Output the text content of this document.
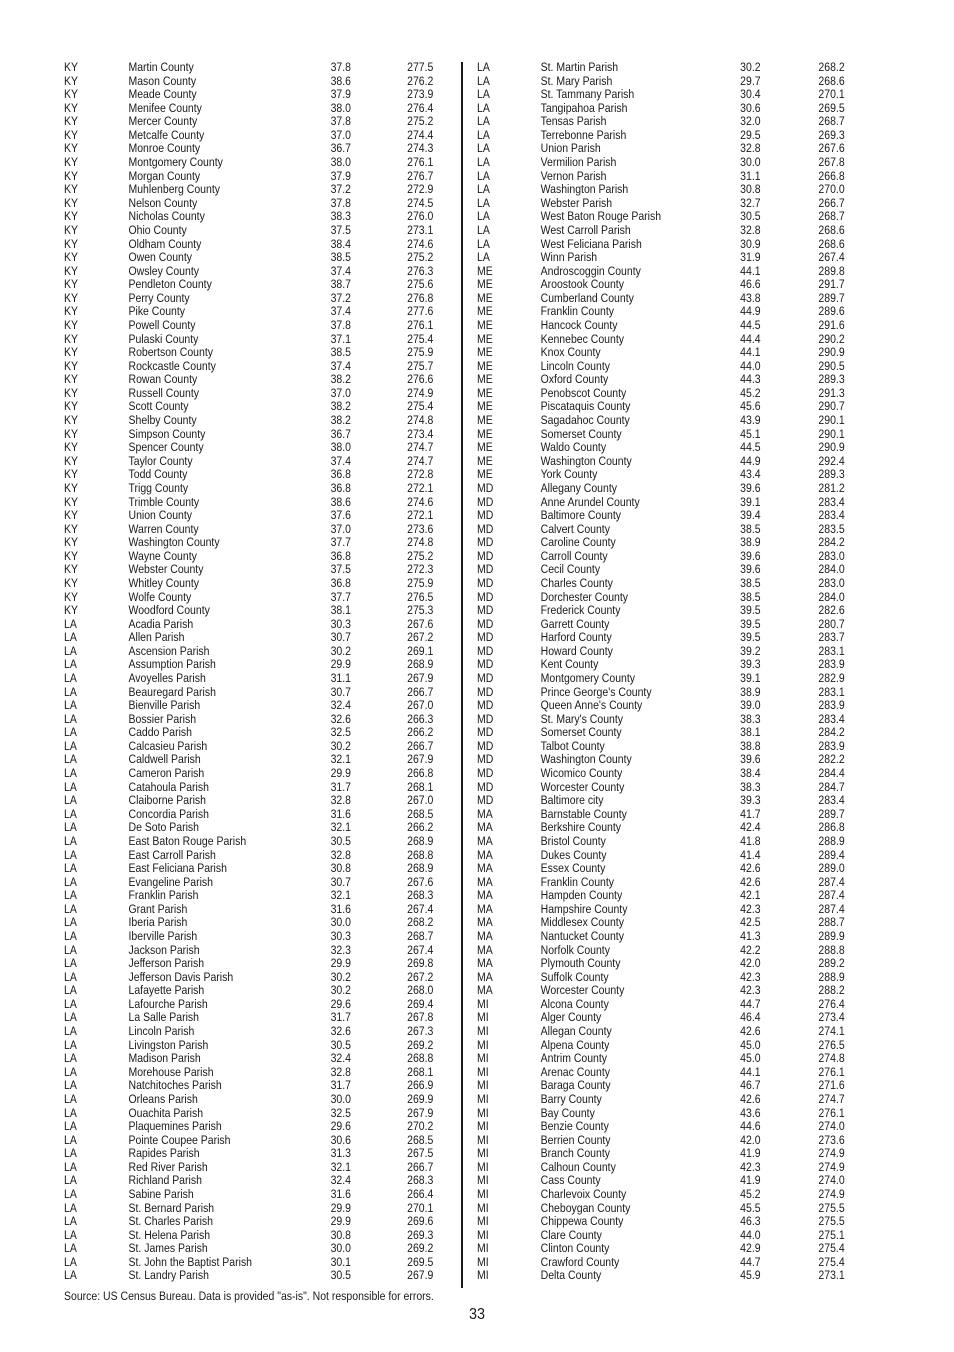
KY	Martin County	37.8	277.5
KY	Mason County	38.6	276.2
KY	Meade County	37.9	273.9
KY	Menifee County	38.0	276.4
KY	Mercer County	37.8	275.2
KY	Metcalfe County	37.0	274.4
KY	Monroe County	36.7	274.3
KY	Montgomery County	38.0	276.1
KY	Morgan County	37.9	276.7
KY	Muhlenberg County	37.2	272.9
KY	Nelson County	37.8	274.5
KY	Nicholas County	38.3	276.0
KY	Ohio County	37.5	273.1
KY	Oldham County	38.4	274.6
KY	Owen County	38.5	275.2
KY	Owsley County	37.4	276.3
KY	Pendleton County	38.7	275.6
KY	Perry County	37.2	276.8
KY	Pike County	37.4	277.6
KY	Powell County	37.8	276.1
KY	Pulaski County	37.1	275.4
KY	Robertson County	38.5	275.9
KY	Rockcastle County	37.4	275.7
KY	Rowan County	38.2	276.6
KY	Russell County	37.0	274.9
KY	Scott County	38.2	275.4
KY	Shelby County	38.2	274.8
KY	Simpson County	36.7	273.4
KY	Spencer County	38.0	274.7
KY	Taylor County	37.4	274.7
KY	Todd County	36.8	272.8
KY	Trigg County	36.8	272.1
KY	Trimble County	38.6	274.6
KY	Union County	37.6	272.1
KY	Warren County	37.0	273.6
KY	Washington County	37.7	274.8
KY	Wayne County	36.8	275.2
KY	Webster County	37.5	272.3
KY	Whitley County	36.8	275.9
KY	Wolfe County	37.7	276.5
KY	Woodford County	38.1	275.3
LA	Acadia Parish	30.3	267.6
LA	Allen Parish	30.7	267.2
LA	Ascension Parish	30.2	269.1
LA	Assumption Parish	29.9	268.9
LA	Avoyelles Parish	31.1	267.9
LA	Beauregard Parish	30.7	266.7
LA	Bienville Parish	32.4	267.0
LA	Bossier Parish	32.6	266.3
LA	Caddo Parish	32.5	266.2
LA	Calcasieu Parish	30.2	266.7
LA	Caldwell Parish	32.1	267.9
LA	Cameron Parish	29.9	266.8
LA	Catahoula Parish	31.7	268.1
LA	Claiborne Parish	32.8	267.0
LA	Concordia Parish	31.6	268.5
LA	De Soto Parish	32.1	266.2
LA	East Baton Rouge Parish	30.5	268.9
LA	East Carroll Parish	32.8	268.8
LA	East Feliciana Parish	30.8	268.9
LA	Evangeline Parish	30.7	267.6
LA	Franklin Parish	32.1	268.3
LA	Grant Parish	31.6	267.4
LA	Iberia Parish	30.0	268.2
LA	Iberville Parish	30.3	268.7
LA	Jackson Parish	32.3	267.4
LA	Jefferson Parish	29.9	269.8
LA	Jefferson Davis Parish	30.2	267.2
LA	Lafayette Parish	30.2	268.0
LA	Lafourche Parish	29.6	269.4
LA	La Salle Parish	31.7	267.8
LA	Lincoln Parish	32.6	267.3
LA	Livingston Parish	30.5	269.2
LA	Madison Parish	32.4	268.8
LA	Morehouse Parish	32.8	268.1
LA	Natchitoches Parish	31.7	266.9
LA	Orleans Parish	30.0	269.9
LA	Ouachita Parish	32.5	267.9
LA	Plaquemines Parish	29.6	270.2
LA	Pointe Coupee Parish	30.6	268.5
LA	Rapides Parish	31.3	267.5
LA	Red River Parish	32.1	266.7
LA	Richland Parish	32.4	268.3
LA	Sabine Parish	31.6	266.4
LA	St. Bernard Parish	29.9	270.1
LA	St. Charles Parish	29.9	269.6
LA	St. Helena Parish	30.8	269.3
LA	St. James Parish	30.0	269.2
LA	St. John the Baptist Parish	30.1	269.5
LA	St. Landry Parish	30.5	267.9
LA	St. Martin Parish	30.2	268.2
LA	St. Mary Parish	29.7	268.6
LA	St. Tammany Parish	30.4	270.1
LA	Tangipahoa Parish	30.6	269.5
LA	Tensas Parish	32.0	268.7
LA	Terrebonne Parish	29.5	269.3
LA	Union Parish	32.8	267.6
LA	Vermilion Parish	30.0	267.8
LA	Vernon Parish	31.1	266.8
LA	Washington Parish	30.8	270.0
LA	Webster Parish	32.7	266.7
LA	West Baton Rouge Parish	30.5	268.7
LA	West Carroll Parish	32.8	268.6
LA	West Feliciana Parish	30.9	268.6
LA	Winn Parish	31.9	267.4
ME	Androscoggin County	44.1	289.8
ME	Aroostook County	46.6	291.7
ME	Cumberland County	43.8	289.7
ME	Franklin County	44.9	289.6
ME	Hancock County	44.5	291.6
ME	Kennebec County	44.4	290.2
ME	Knox County	44.1	290.9
ME	Lincoln County	44.0	290.5
ME	Oxford County	44.3	289.3
ME	Penobscot County	45.2	291.3
ME	Piscataquis County	45.6	290.7
ME	Sagadahoc County	43.9	290.1
ME	Somerset County	45.1	290.1
ME	Waldo County	44.5	290.9
ME	Washington County	44.9	292.4
ME	York County	43.4	289.3
MD	Allegany County	39.6	281.2
MD	Anne Arundel County	39.1	283.4
MD	Baltimore County	39.4	283.4
MD	Calvert County	38.5	283.5
MD	Caroline County	38.9	284.2
MD	Carroll County	39.6	283.0
MD	Cecil County	39.6	284.0
MD	Charles County	38.5	283.0
MD	Dorchester County	38.5	284.0
MD	Frederick County	39.5	282.6
MD	Garrett County	39.5	280.7
MD	Harford County	39.5	283.7
MD	Howard County	39.2	283.1
MD	Kent County	39.3	283.9
MD	Montgomery County	39.1	282.9
MD	Prince George's County	38.9	283.1
MD	Queen Anne's County	39.0	283.9
MD	St. Mary's County	38.3	283.4
MD	Somerset County	38.1	284.2
MD	Talbot County	38.8	283.9
MD	Washington County	39.6	282.2
MD	Wicomico County	38.4	284.4
MD	Worcester County	38.3	284.7
MD	Baltimore city	39.3	283.4
MA	Barnstable County	41.7	289.7
MA	Berkshire County	42.4	286.8
MA	Bristol County	41.8	288.9
MA	Dukes County	41.4	289.4
MA	Essex County	42.6	289.0
MA	Franklin County	42.6	287.4
MA	Hampden County	42.1	287.4
MA	Hampshire County	42.3	287.4
MA	Middlesex County	42.5	288.7
MA	Nantucket County	41.3	289.9
MA	Norfolk County	42.2	288.8
MA	Plymouth County	42.0	289.2
MA	Suffolk County	42.3	288.9
MA	Worcester County	42.3	288.2
MI	Alcona County	44.7	276.4
MI	Alger County	46.4	273.4
MI	Allegan County	42.6	274.1
MI	Alpena County	45.0	276.5
MI	Antrim County	45.0	274.8
MI	Arenac County	44.1	276.1
MI	Baraga County	46.7	271.6
MI	Barry County	42.6	274.7
MI	Bay County	43.6	276.1
MI	Benzie County	44.6	274.0
MI	Berrien County	42.0	273.6
MI	Branch County	41.9	274.9
MI	Calhoun County	42.3	274.9
MI	Cass County	41.9	274.0
MI	Charlevoix County	45.2	274.9
MI	Cheboygan County	45.5	275.5
MI	Chippewa County	46.3	275.5
MI	Clare County	44.0	275.1
MI	Clinton County	42.9	275.4
MI	Crawford County	44.7	275.4
MI	Delta County	45.9	273.1
Source: US Census Bureau. Data is provided "as-is". Not responsible for errors.
33
